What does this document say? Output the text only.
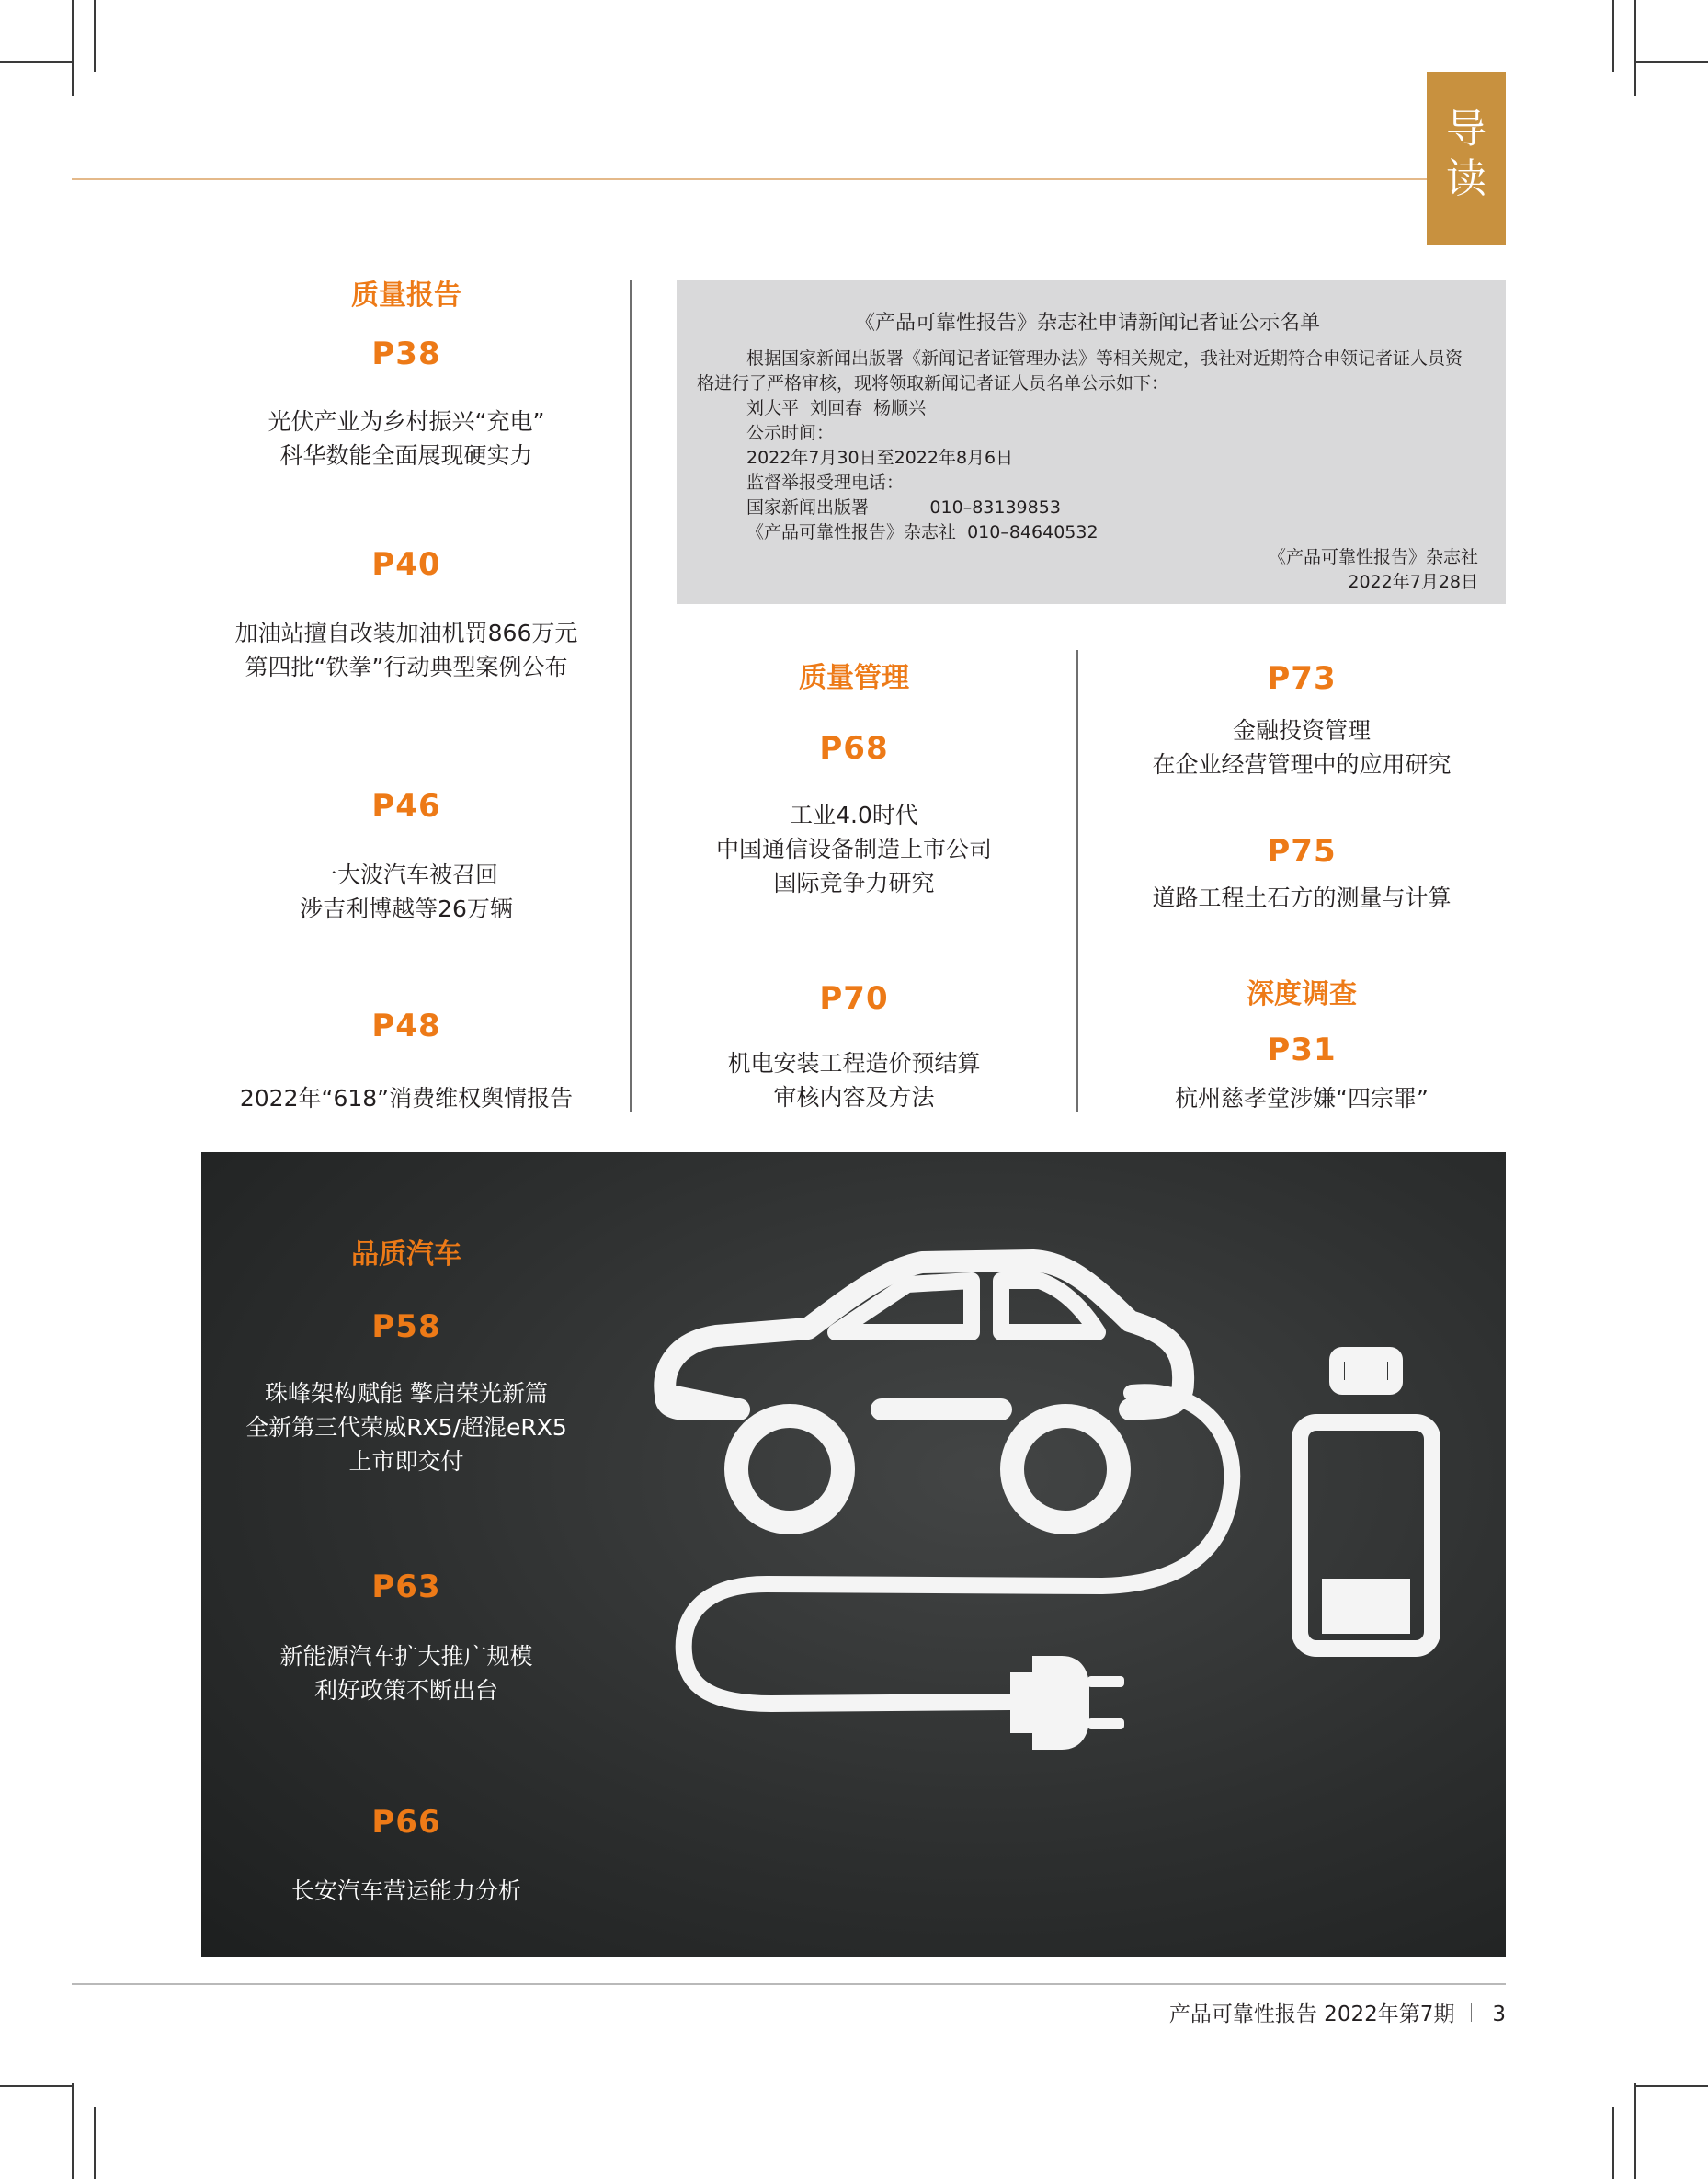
导
读
质量报告
P38
光伏产业为乡村振兴“充电”
科华数能全面展现硬实力
P40
加油站擅自改装加油机罚866万元
第四批“铁拳”行动典型案例公布
P46
一大波汽车被召回
涉吉利博越等26万辆
P48
2022年“618”消费维权舆情报告
《产品可靠性报告》杂志社申请新闻记者证公示名单
根据国家新闻出版署《新闻记者证管理办法》等相关规定，我社对近期符合申领记者证人员资格进行了严格审核，现将领取新闻记者证人员名单公示如下：
刘大平  刘回春  杨顺兴
公示时间：
2022年7月30日至2022年8月6日
监督举报受理电话：
国家新闻出版署           010–83139853
《产品可靠性报告》杂志社  010–84640532
《产品可靠性报告》杂志社
2022年7月28日
质量管理
P68
工业4.0时代
中国通信设备制造上市公司
国际竞争力研究
P70
机电安装工程造价预结算
审核内容及方法
P73
金融投资管理
在企业经营管理中的应用研究
P75
道路工程土石方的测量与计算
深度调查
P31
杭州慈孝堂涉嫌“四宗罪”
品质汽车
P58
珠峰架构赋能 擎启荣光新篇
全新第三代荣威RX5/超混eRX5
上市即交付
P63
新能源汽车扩大推广规模
利好政策不断出台
P66
长安汽车营运能力分析
产品可靠性报告 2022年第7期 3
